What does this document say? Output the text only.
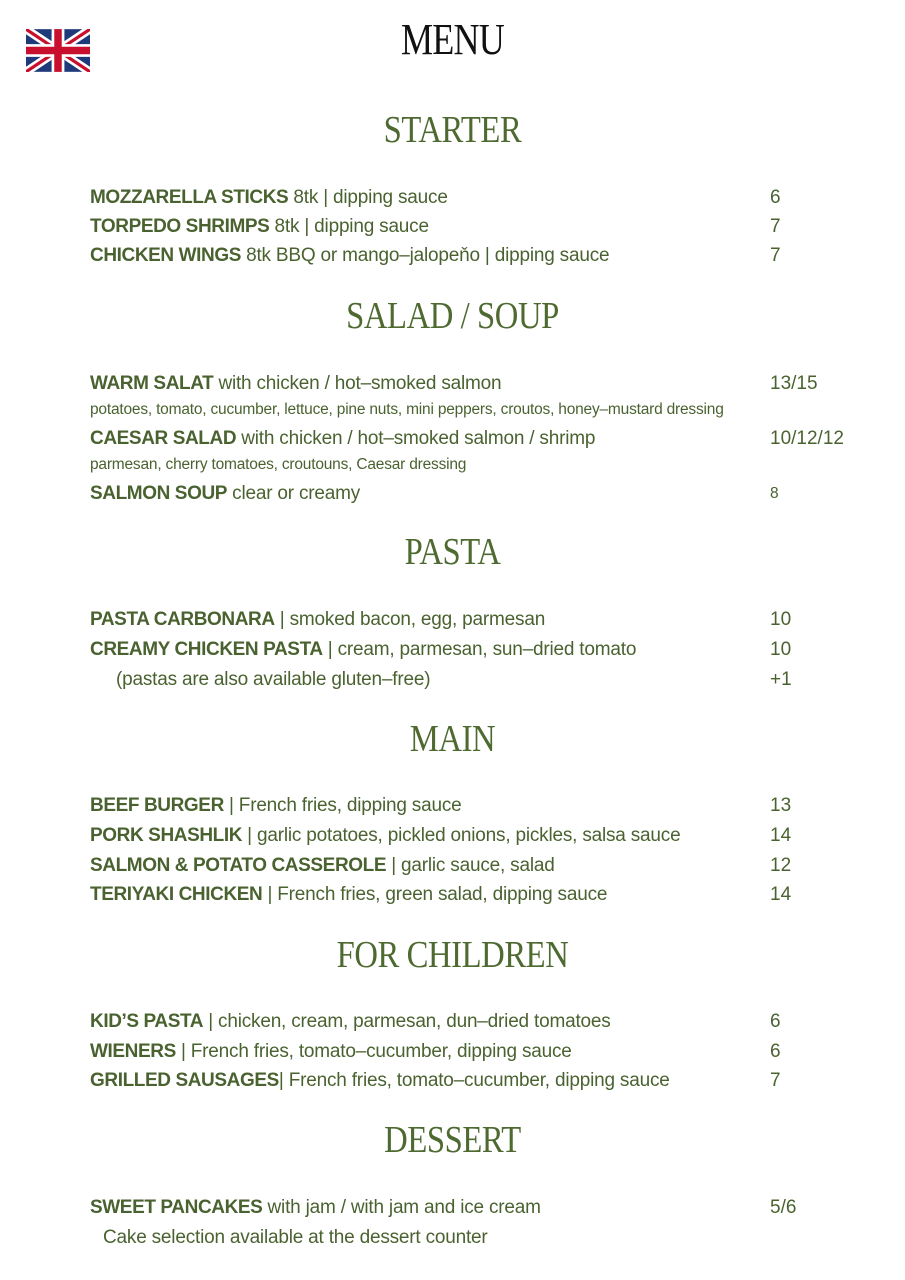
MENU
STARTER
MOZZARELLA STICKS 8tk | dipping sauce	6
TORPEDO SHRIMPS 8tk | dipping sauce	7
CHICKEN WINGS 8tk BBQ or mango–jalopeňo | dipping sauce	7
SALAD / SOUP
WARM SALAT with chicken / hot–smoked salmon	13/15
potatoes, tomato, cucumber, lettuce, pine nuts, mini peppers, croutos, honey–mustard dressing
CAESAR SALAD with chicken / hot–smoked salmon / shrimp	10/12/12
parmesan, cherry tomatoes, croutouns, Caesar dressing
SALMON SOUP clear or creamy	8
PASTA
PASTA CARBONARA | smoked bacon, egg, parmesan	10
CREAMY CHICKEN PASTA | cream, parmesan, sun–dried tomato	10
(pastas are also available gluten–free)	+1
MAIN
BEEF BURGER | French fries, dipping sauce	13
PORK SHASHLIK | garlic potatoes, pickled onions, pickles, salsa sauce	14
SALMON & POTATO CASSEROLE | garlic sauce, salad	12
TERIYAKI CHICKEN | French fries, green salad, dipping sauce	14
FOR CHILDREN
KID’S PASTA | chicken, cream, parmesan, dun–dried tomatoes	6
WIENERS | French fries, tomato–cucumber, dipping sauce	6
GRILLED SAUSAGES| French fries, tomato–cucumber, dipping sauce	7
DESSERT
SWEET PANCAKES with jam / with jam and ice cream	5/6
Cake selection available at the dessert counter
